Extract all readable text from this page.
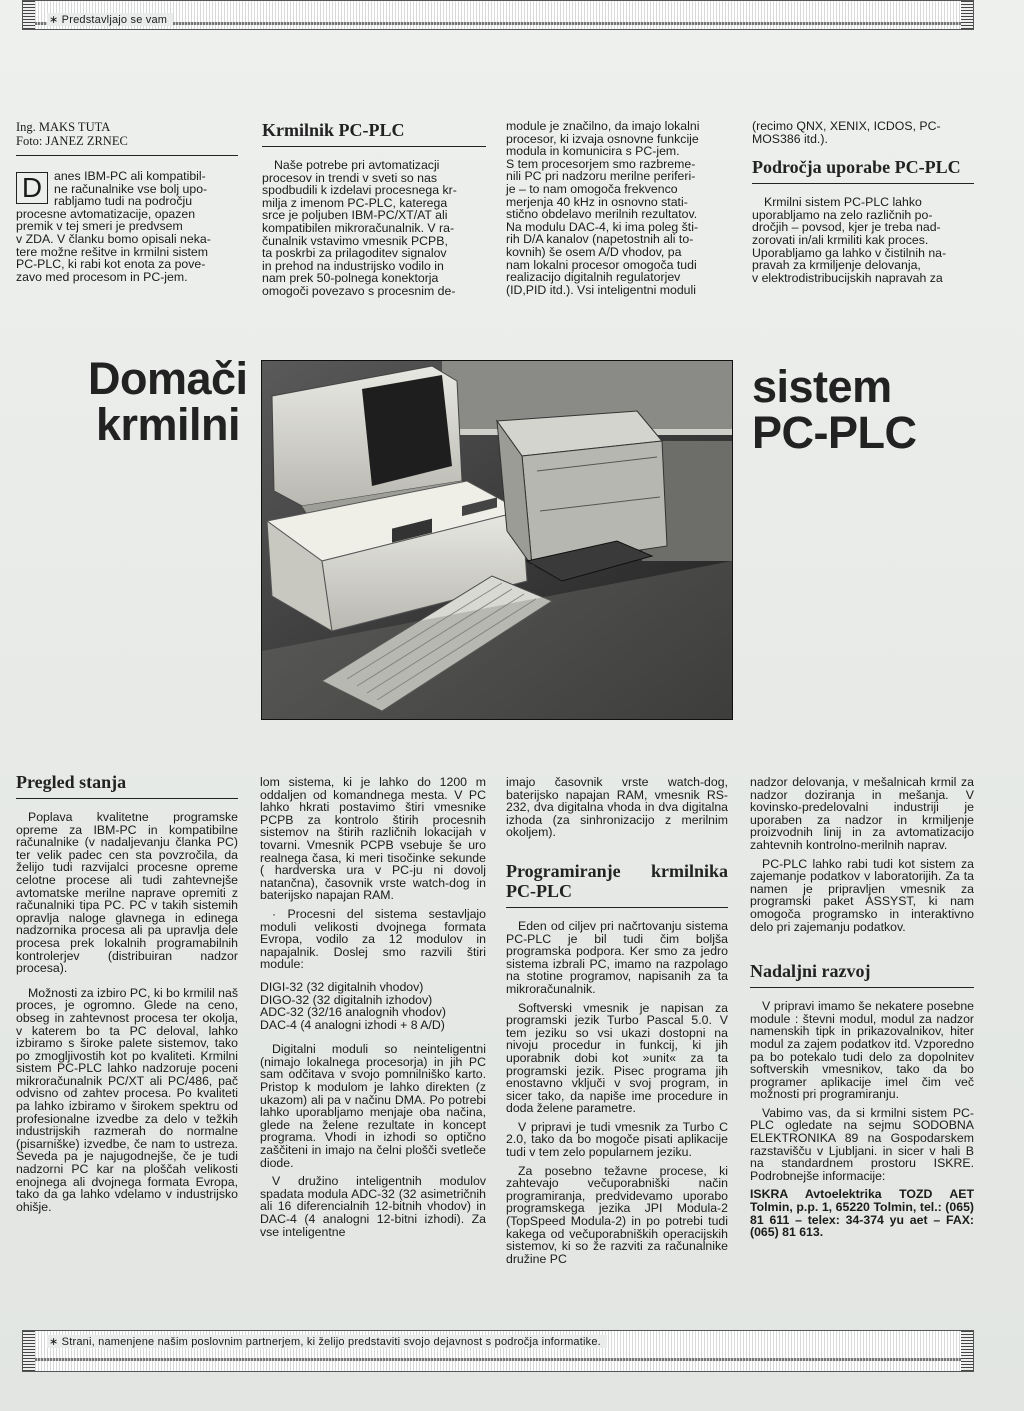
∗ Predstavljajo se vam
Ing. MAKS TUTA
Foto: JANEZ ZRNEC
D anes IBM-PC ali kompatibil-
ne računalnike vse bolj upo-
rabljamo tudi na področju
procesne avtomatizacije, opazen
premik v tej smeri je predvsem
v ZDA. V članku bomo opisali neka-
tere možne rešitve in krmilni sistem
PC-PLC, ki rabi kot enota za pove-
zavo med procesom in PC-jem.
Krmilnik PC-PLC
Naše potrebe pri avtomatizacji
procesov in trendi v sveti so nas
spodbudili k izdelavi procesnega kr-
milja z imenom PC-PLC, katerega
srce je poljuben IBM-PC/XT/AT ali
kompatibilen mikroračunalnik. V ra-
čunalnik vstavimo vmesnik PCPB,
ta poskrbi za prilagoditev signalov
in prehod na industrijsko vodilo in
nam prek 50-polnega konektorja
omogoči povezavo s procesnim de-
module je značilno, da imajo lokalni
procesor, ki izvaja osnovne funkcije
modula in komunicira s PC-jem.
S tem procesorjem smo razbreme-
nili PC pri nadzoru merilne periferi-
je – to nam omogoča frekvenco
merjenja 40 kHz in osnovno stati-
stično obdelavo merilnih rezultatov.
Na modulu DAC-4, ki ima poleg šti-
rih D/A kanalov (napetostnih ali to-
kovnih) še osem A/D vhodov, pa
nam lokalni procesor omogoča tudi
realizacijo digitalnih regulatorjev
(ID,PID itd.). Vsi inteligentni moduli
(recimo QNX, XENIX, ICDOS, PC-
MOS386 itd.).
Področja uporabe PC-PLC
Krmilni sistem PC-PLC lahko
uporabljamo na zelo različnih po-
dročjih – povsod, kjer je treba nad-
zorovati in/ali krmiliti kak proces.
Uporabljamo ga lahko v čistilnih na-
pravah za krmiljenje delovanja,
v elektrodistribucijskih napravah za
Domači
krmilni
sistem
PC-PLC
Pregled stanja

Poplava kvalitetne programske opreme za IBM-PC in kompatibilne računalnike (v nadaljevanju članka PC) ter velik padec cen sta povzročila, da želijo tudi razvijalci procesne opreme celotne procese ali tudi zahtevnejše avtomatske merilne naprave opremiti z računalniki tipa PC. PC v takih sistemih opravlja naloge glavnega in edinega nadzornika procesa ali pa upravlja dele procesa prek lokalnih programabilnih kontrolerjev (distribuiran nadzor procesa).

Možnosti za izbiro PC, ki bo krmilil naš proces, je ogromno. Glede na ceno, obseg in zahtevnost procesa ter okolja, v katerem bo ta PC deloval, lahko izbiramo s široke palete sistemov, tako po zmogljivostih kot po kvaliteti. Krmilni sistem PC-PLC lahko nadzoruje poceni mikroračunalnik PC/XT ali PC/486, pač odvisno od zahtev procesa. Po kvaliteti pa lahko izbiramo v širokem spektru od profesionalne izvedbe za delo v težkih industrijskih razmerah do normalne (pisarniške) izvedbe, če nam to ustreza. Seveda pa je najugodnejše, če je tudi nadzorni PC kar na ploščah velikosti enojnega ali dvojnega formata Evropa, tako da ga lahko vdelamo v industrijsko ohišje.

lom sistema, ki je lahko do 1200 m oddaljen od komandnega mesta. V PC lahko hkrati postavimo štiri vmesnike PCPB za kontrolo štirih procesnih sistemov na štirih različnih lokacijah v tovarni. Vmesnik PCPB vsebuje še uro realnega časa, ki meri tisočinke sekunde ( hardverska ura v PC-ju ni dovolj natančna), časovnik vrste watch-dog in baterijsko napajan RAM.

· Procesni del sistema sestavljajo moduli velikosti dvojnega formata Evropa, vodilo za 12 modulov in napajalnik. Doslej smo razvili štiri module:

DIGI-32 (32 digitalnih vhodov)
DIGO-32 (32 digitalnih izhodov)
ADC-32 (32/16 analognih vhodov)
DAC-4 (4 analogni izhodi + 8 A/D)

Digitalni moduli so neinteligentni (nimajo lokalnega procesorja) in jih PC sam odčitava v svojo pomnilniško karto. Pristop k modulom je lahko direkten (z ukazom) ali pa v načinu DMA. Po potrebi lahko uporabljamo menjaje oba načina, glede na želene rezultate in koncept programa. Vhodi in izhodi so optično zaščiteni in imajo na čelni plošči svetleče diode.

V družino inteligentnih modulov spadata modula ADC-32 (32 asimetričnih ali 16 diferencialnih 12-bitnih vhodov) in DAC-4 (4 analogni 12-bitni izhodi). Za vse inteligentne

imajo časovnik vrste watch-dog, baterijsko napajan RAM, vmesnik RS-232, dva digitalna vhoda in dva digitalna izhoda (za sinhronizacijo z merilnim okoljem).

Programiranje krmilnika PC-PLC

Eden od ciljev pri načrtovanju sistema PC-PLC je bil tudi čim boljša programska podpora. Ker smo za jedro sistema izbrali PC, imamo na razpolago na stotine programov, napisanih za ta mikroračunalnik.

Softverski vmesnik je napisan za programski jezik Turbo Pascal 5.0. V tem jeziku so vsi ukazi dostopni na nivoju procedur in funkcij, ki jih uporabnik dobi kot »unit« za ta programski jezik. Pisec programa jih enostavno vključi v svoj program, in sicer tako, da napiše ime procedure in doda želene parametre.

V pripravi je tudi vmesnik za Turbo C 2.0, tako da bo mogoče pisati aplikacije tudi v tem zelo popularnem jeziku.

Za posebno težavne procese, ki zahtevajo večuporabniški način programiranja, predvidevamo uporabo programskega jezika JPI Modula-2 (TopSpeed Modula-2) in po potrebi tudi kakega od večuporabniških operacijskih sistemov, ki so že razviti za računalnike družine PC

nadzor delovanja, v mešalnicah krmil za nadzor doziranja in mešanja. V kovinsko-predelovalni industriji je uporaben za nadzor in krmiljenje proizvodnih linij in za avtomatizacijo zahtevnih kontrolno-merilnih naprav.

PC-PLC lahko rabi tudi kot sistem za zajemanje podatkov v laboratorijih. Za ta namen je pripravljen vmesnik za programski paket ASSYST, ki nam omogoča programsko in interaktivno delo pri zajemanju podatkov.

Nadaljni razvoj

V pripravi imamo še nekatere posebne module : števni modul, modul za nadzor namenskih tipk in prikazovalnikov, hiter modul za zajem podatkov itd. Vzporedno pa bo potekalo tudi delo za dopolnitev softverskih vmesnikov, tako da bo programer aplikacije imel čim več možnosti pri programiranju.

Vabimo vas, da si krmilni sistem PC-PLC ogledate na sejmu SODOBNA ELEKTRONIKA 89 na Gospodarskem razstavišču v Ljubljani. in sicer v hali B na standardnem prostoru ISKRE. Podrobnejše informacije:

ISKRA Avtoelektrika TOZD AET Tolmin, p.p. 1, 65220 Tolmin, tel.: (065) 81 611 – telex: 34-374 yu aet – FAX: (065) 81 613.

∗ Strani, namenjene našim poslovnim partnerjem, ki želijo predstaviti svojo dejavnost s področja informatike.
